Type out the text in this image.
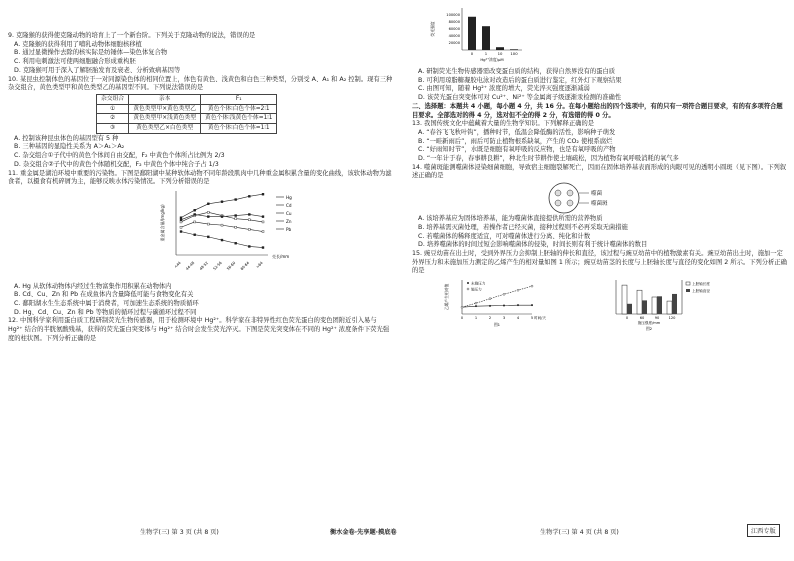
9. 克隆猴的获得使克隆动物的培育上了一个新台阶。下列关于克隆动物的说法，错误的是

A. 克隆猴的获得利用了哺乳动物体细胞核移植

B. 通过显微操作去除的核实际是纺锤体—染色体复合物

C. 利用电刺激法可使两细胞融合形成重构胚

D. 克隆猴可用于深入了解胚胎发育及衰老、分析致病基因等

10. 某昆虫控制体色的基因位于一对同源染色体的相同位置上，体色有黄色、浅黄色和白色三种类型，分别受 A、A₁ 和 A₂ 控制。现有三种杂交组合，黄色类型甲和黄色类型乙的基因型不同。下列说法错误的是

杂交组合	亲本	F₁
①	黄色类型甲×黄色类型乙	黄色个体∶白色个体=2∶1
②	黄色类型甲×浅黄色类型	黄色个体∶浅黄色个体=1∶1
③	黄色类型乙×白色类型	黄色个体∶白色个体=1∶1

A. 控制该种昆虫体色的基因型有 5 种

B. 三种基因的显隐性关系为 A＞A₁＞A₂

C. 杂交组合①子代中的黄色个体间自由交配，F₂ 中黄色个体所占比例为 2/3

D. 杂交组合②子代中的黄色个体随机交配，F₂ 中黄色个体中纯合子占 1/3

11. 重金属是湖泊环境中重要的污染物。下图是鄱阳湖中某种软体动物不同年龄段肌肉中几种重金属积累含量的变化曲线，该软体动物为滤食者，以摄食有机碎屑为主，能够反映水体污染情况。下列分析错误的是

重金属含量/(mg/kg)
<44 44-48 48-52 52-56 56-60 60-64 >64
壳长/mm
Hg
Cd
Cu
Zn
Pb

A. Hg 从软体动物体内经过生物富集作用积累在动物体内

B. Cd、Cu、Zn 和 Pb 在成鱼体内含量降低可能与食物变化有关

C. 鄱阳湖水生生态系统中属于消费者，可加速生态系统的物质循环

D. Hg、Cd、Cu、Zn 和 Pb 等物质的循环过程与碳循环过程不同

12. 中国科学家利用蛋白质工程研制荧光生物传感器，用于检测环境中 Hg²⁺。科学家在非特异性红色荧光蛋白的变色团附近引入易与 Hg²⁺ 结合的半胱氨酸残基，获得的荧光蛋白突变体与 Hg²⁺ 结合时会发生荧光淬灭。下图是荧光突变体在不同的 Hg²⁺ 浓度条件下荧光强度的柱状图。下列分析正确的是

100000
80000
60000
40000
20000
荧光强度
0	1	10 100
Hg²⁺浓度/μM

A. 研制荧光生物传感器需改变蛋白质的结构，获得自然界没有的蛋白质

B. 可利用琼脂糖凝胶电泳对改造后的蛋白质进行鉴定，红外灯下观察结果

C. 由图可知，随着 Hg²⁺ 浓度的增大，荧光淬灭强度逐渐减弱

D. 该荧光蛋白突变体可对 Cu²⁺、Ni²⁺ 等金属离子级逐渐汞检测的准确性

二、选择题：本题共 4 小题，每小题 4 分，共 16 分。在每小题给出的四个选项中，有的只有一项符合题目要求，有的有多项符合题目要求。全部选对的得 4 分，选对但不全的得 2 分，有选错的得 0 分。

13. 我国传统文化中蕴藏着大量的生物学知识。下列解释正确的是

A. “春谷飞飞秋叶钩”，播种时节，低温会降低酶的活性，影响种子萌发

B. “一畦新雨后”，雨后可防止植物根系缺氧，产生的 CO₂ 使根系腐烂

C. “好雨知时节”，水既是细胞有氧呼吸的反应物，也是有氧呼吸的产物

D. “一年计于春，春事耕良耕”，种北生时节耕作使土壤疏松，因为植物有氧呼吸消耗的氧气多

14. 噬菌斑能测噬菌体浸染细菌细胞，导致宿主细胞裂解死亡，因而在固体培养基表面形成的肉眼可见的透明小圆斑（见下图）。下列叙述正确的是

噬菌
噬菌斑

A. 该培养基应为固体培养基，能为噬菌体直接提供所需的营养物质

B. 培养基需灭菌处理，若操作者已经灭菌，接种过程则不必再采取无菌措施

C. 若噬菌体的稀释度适宜，可对噬菌体进行分离、纯化和计数

D. 培养噬菌体的时间过短会影响噬菌体的侵染，时间长则有利于统计噬菌体的数目

15. 豌豆幼苗在出土时，受到外界压力会抑制上胚轴的伸长和直径，该过程与豌豆幼苗中的植物激素有关。豌豆幼苗出土时，施加一定外界压力和未施加压力测定的乙烯产生的相对量如图 1 所示；豌豆幼苗茎的长度与上胚轴长度与直径的变化如图 2 所示。下列分析正确的是

乙烯产生相对值
0	1	2	3	4	5
未施压力
施压力
时间/天
图1
0	60	90	120
上胚轴长度
上胚轴直径
施压强度/mm
图2
生物学(三) 第 3 页 (共 8 页)	衡水金卷·先享题·摸底卷	生物学(三) 第 4 页 (共 8 页)	江西专版
